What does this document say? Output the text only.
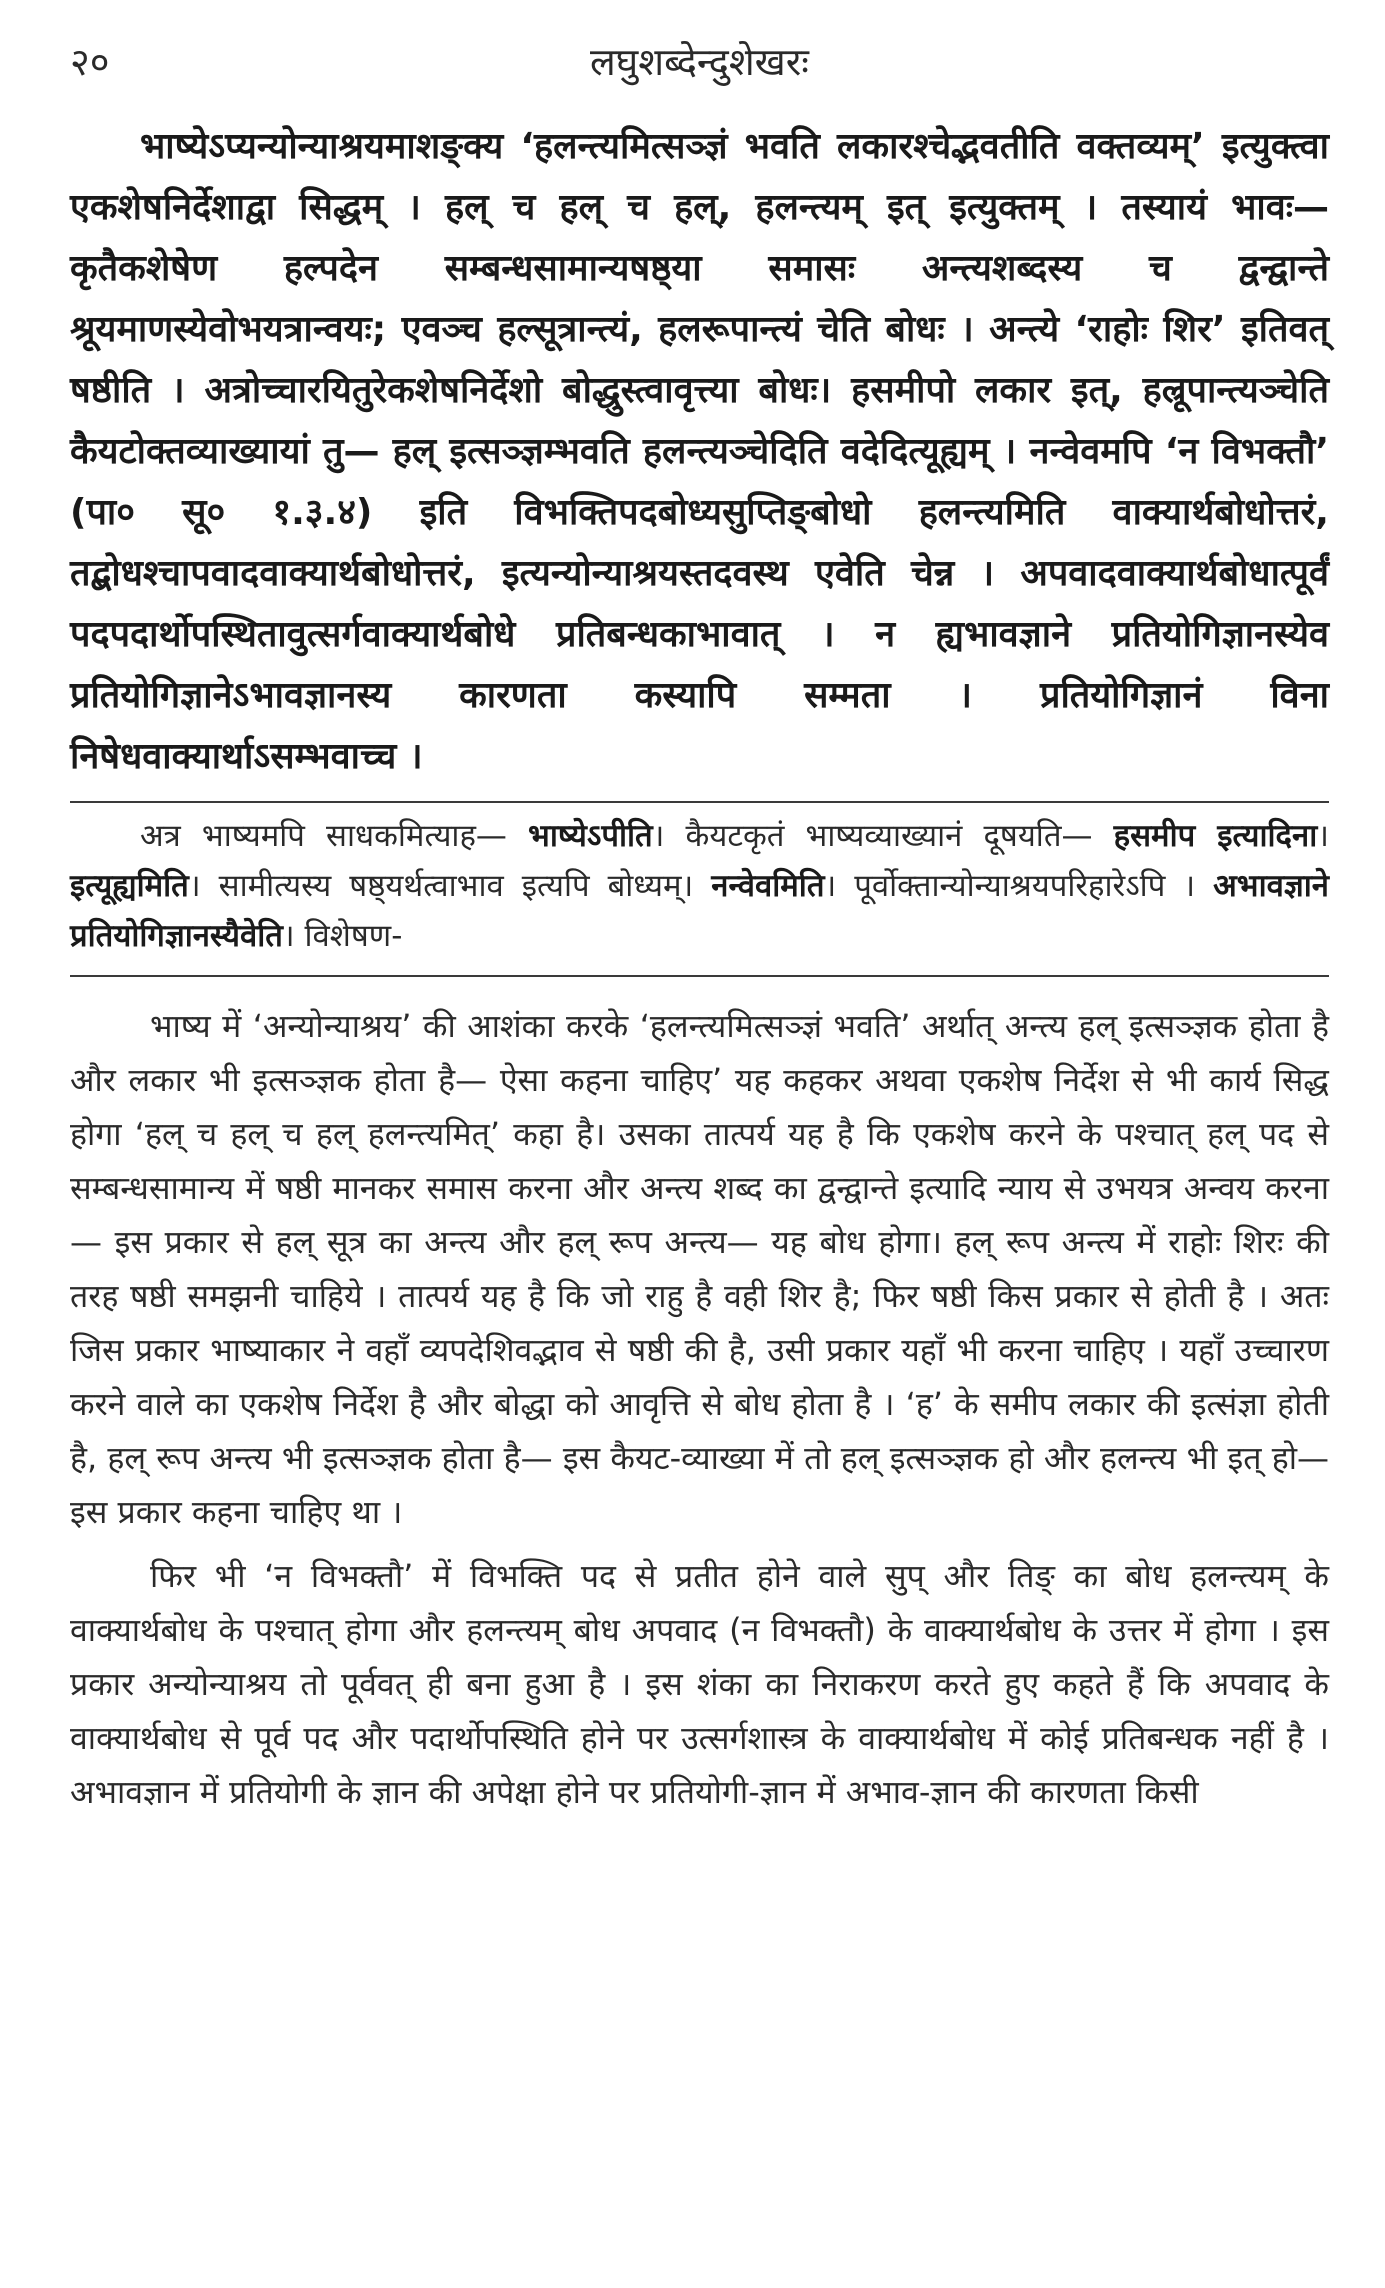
२०	लघुशब्देन्दुशेखरः

भाष्येऽप्यन्योन्याश्रयमाशङ्क्य ‘हलन्त्यमित्सञ्ज्ञं भवति लकारश्चेद्भवतीति वक्तव्यम्’ इत्युक्त्वा एकशेषनिर्देशाद्वा सिद्धम् । हल् च हल् च हल्, हलन्त्यम् इत् इत्युक्तम् । तस्यायं भावः— कृतैकशेषेण हल्पदेन सम्बन्धसामान्यषष्ठ्या समासः अन्त्यशब्दस्य च द्वन्द्वान्ते श्रूयमाणस्येवोभयत्रान्वयः; एवञ्च हल्सूत्रान्त्यं, हलरूपान्त्यं चेति बोधः । अन्त्ये ‘राहोः शिर’ इतिवत् षष्ठीति । अत्रोच्चारयितुरेकशेषनिर्देशो बोद्धुस्त्वावृत्त्या बोधः। हसमीपो लकार इत्, हल्रूपान्त्यञ्चेति कैयटोक्तव्याख्यायां तु— हल् इत्सञ्ज्ञम्भवति हलन्त्यञ्चेदिति वदेदित्यूह्यम् । नन्वेवमपि ‘न विभक्तौ’ (पा० सू० १.३.४) इति विभक्तिपदबोध्यसुप्तिङ्बोधो हलन्त्यमिति वाक्यार्थबोधोत्तरं, तद्बोधश्चापवादवाक्यार्थबोधोत्तरं, इत्यन्योन्याश्रयस्तदवस्थ एवेति चेन्न । अपवादवाक्यार्थबोधात्पूर्वं पदपदार्थोपस्थितावुत्सर्गवाक्यार्थबोधे प्रतिबन्धकाभावात् । न ह्यभावज्ञाने प्रतियोगिज्ञानस्येव प्रतियोगिज्ञानेऽभावज्ञानस्य कारणता कस्यापि सम्मता । प्रतियोगिज्ञानं विना निषेधवाक्यार्थाऽसम्भवाच्च ।

अत्र भाष्यमपि साधकमित्याह— भाष्येऽपीति। कैयटकृतं भाष्यव्याख्यानं दूषयति— हसमीप इत्यादिना। इत्यूह्यमिति। सामीत्यस्य षष्ठ्यर्थत्वाभाव इत्यपि बोध्यम्। नन्वेवमिति। पूर्वोक्तान्योन्याश्रयपरिहारेऽपि । अभावज्ञाने प्रतियोगिज्ञानस्यैवेति। विशेषण-

भाष्य में ‘अन्योन्याश्रय’ की आशंका करके ‘हलन्त्यमित्सञ्ज्ञं भवति’ अर्थात् अन्त्य हल् इत्सञ्ज्ञक होता है और लकार भी इत्सञ्ज्ञक होता है— ऐसा कहना चाहिए’ यह कहकर अथवा एकशेष निर्देश से भी कार्य सिद्ध होगा ‘हल् च हल् च हल् हलन्त्यमित्’ कहा है। उसका तात्पर्य यह है कि एकशेष करने के पश्चात् हल् पद से सम्बन्धसामान्य में षष्ठी मानकर समास करना और अन्त्य शब्द का द्वन्द्वान्ते इत्यादि न्याय से उभयत्र अन्वय करना— इस प्रकार से हल् सूत्र का अन्त्य और हल् रूप अन्त्य— यह बोध होगा। हल् रूप अन्त्य में राहोः शिरः की तरह षष्ठी समझनी चाहिये । तात्पर्य यह है कि जो राहु है वही शिर है; फिर षष्ठी किस प्रकार से होती है । अतः जिस प्रकार भाष्याकार ने वहाँ व्यपदेशिवद्भाव से षष्ठी की है, उसी प्रकार यहाँ भी करना चाहिए । यहाँ उच्चारण करने वाले का एकशेष निर्देश है और बोद्धा को आवृत्ति से बोध होता है । ‘ह’ के समीप लकार की इत्संज्ञा होती है, हल् रूप अन्त्य भी इत्सञ्ज्ञक होता है— इस कैयट-व्याख्या में तो हल् इत्सञ्ज्ञक हो और हलन्त्य भी इत् हो— इस प्रकार कहना चाहिए था ।

फिर भी ‘न विभक्तौ’ में विभक्ति पद से प्रतीत होने वाले सुप् और तिङ् का बोध हलन्त्यम् के वाक्यार्थबोध के पश्चात् होगा और हलन्त्यम् बोध अपवाद (न विभक्तौ) के वाक्यार्थबोध के उत्तर में होगा । इस प्रकार अन्योन्याश्रय तो पूर्ववत् ही बना हुआ है । इस शंका का निराकरण करते हुए कहते हैं कि अपवाद के वाक्यार्थबोध से पूर्व पद और पदार्थोपस्थिति होने पर उत्सर्गशास्त्र के वाक्यार्थबोध में कोई प्रतिबन्धक नहीं है । अभावज्ञान में प्रतियोगी के ज्ञान की अपेक्षा होने पर प्रतियोगी-ज्ञान में अभाव-ज्ञान की कारणता किसी
